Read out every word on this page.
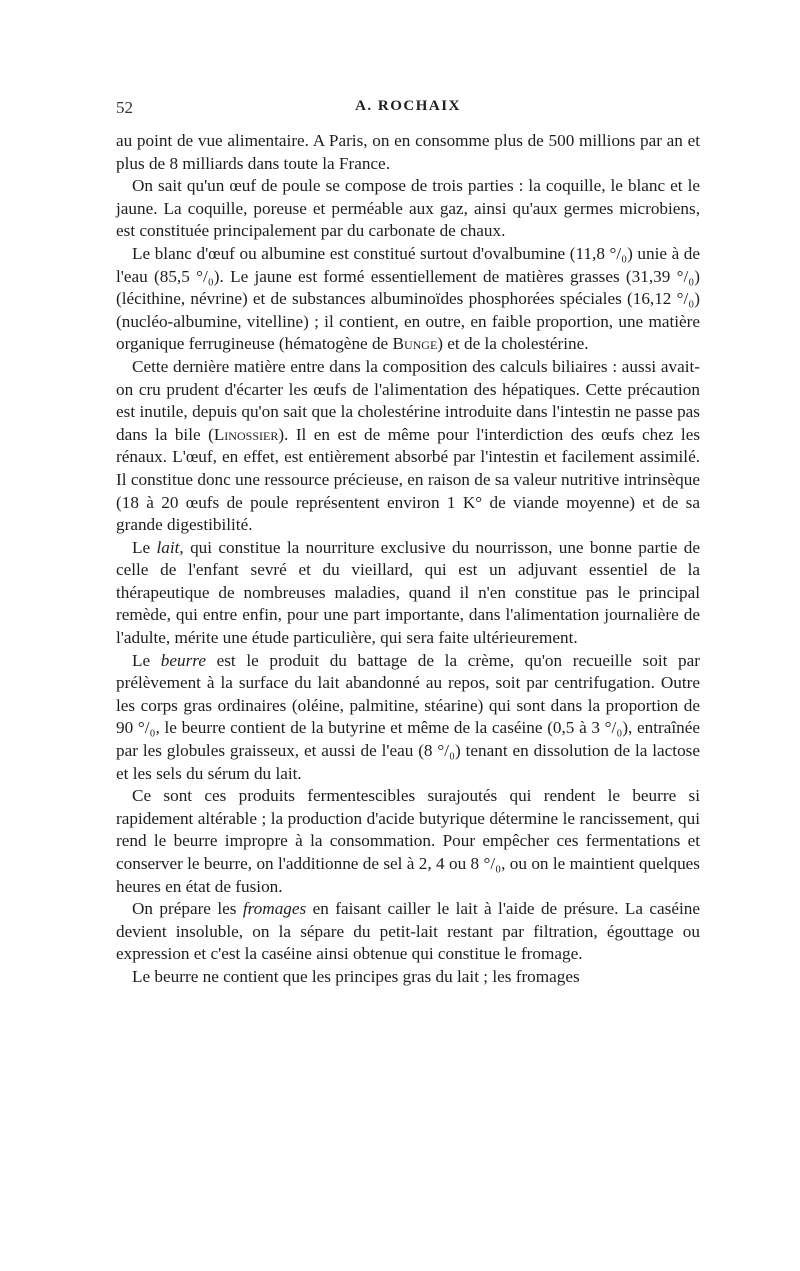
52	A. ROCHAIX

au point de vue alimentaire. A Paris, on en consomme plus de 500 millions par an et plus de 8 milliards dans toute la France.

On sait qu'un œuf de poule se compose de trois parties : la coquille, le blanc et le jaune. La coquille, poreuse et perméable aux gaz, ainsi qu'aux germes microbiens, est constituée principalement par du carbonate de chaux.

Le blanc d'œuf ou albumine est constitué surtout d'ovalbumine (11,8 °/₀) unie à de l'eau (85,5 °/₀). Le jaune est formé essentiellement de matières grasses (31,39 °/₀) (lécithine, névrine) et de substances albuminoïdes phosphorées spéciales (16,12 °/₀) (nucléo-albumine, vitelline) ; il contient, en outre, en faible proportion, une matière organique ferrugineuse (hématogène de Bunge) et de la cholestérine.

Cette dernière matière entre dans la composition des calculs biliaires : aussi avait-on cru prudent d'écarter les œufs de l'alimentation des hépatiques. Cette précaution est inutile, depuis qu'on sait que la cholestérine introduite dans l'intestin ne passe pas dans la bile (Linossier). Il en est de même pour l'interdiction des œufs chez les rénaux. L'œuf, en effet, est entièrement absorbé par l'intestin et facilement assimilé. Il constitue donc une ressource précieuse, en raison de sa valeur nutritive intrinsèque (18 à 20 œufs de poule représentent environ 1 K° de viande moyenne) et de sa grande digestibilité.

Le lait, qui constitue la nourriture exclusive du nourrisson, une bonne partie de celle de l'enfant sevré et du vieillard, qui est un adjuvant essentiel de la thérapeutique de nombreuses maladies, quand il n'en constitue pas le principal remède, qui entre enfin, pour une part importante, dans l'alimentation journalière de l'adulte, mérite une étude particulière, qui sera faite ultérieurement.

Le beurre est le produit du battage de la crème, qu'on recueille soit par prélèvement à la surface du lait abandonné au repos, soit par centrifugation. Outre les corps gras ordinaires (oléine, palmitine, stéarine) qui sont dans la proportion de 90 °/₀, le beurre contient de la butyrine et même de la caséine (0,5 à 3 °/₀), entraînée par les globules graisseux, et aussi de l'eau (8 °/₀) tenant en dissolution de la lactose et les sels du sérum du lait.

Ce sont ces produits fermentescibles surajoutés qui rendent le beurre si rapidement altérable ; la production d'acide butyrique détermine le rancissement, qui rend le beurre impropre à la consommation. Pour empêcher ces fermentations et conserver le beurre, on l'additionne de sel à 2, 4 ou 8 °/₀, ou on le maintient quelques heures en état de fusion.

On prépare les fromages en faisant cailler le lait à l'aide de présure. La caséine devient insoluble, on la sépare du petit-lait restant par filtration, égouttage ou expression et c'est la caséine ainsi obtenue qui constitue le fromage.

Le beurre ne contient que les principes gras du lait ; les fromages
